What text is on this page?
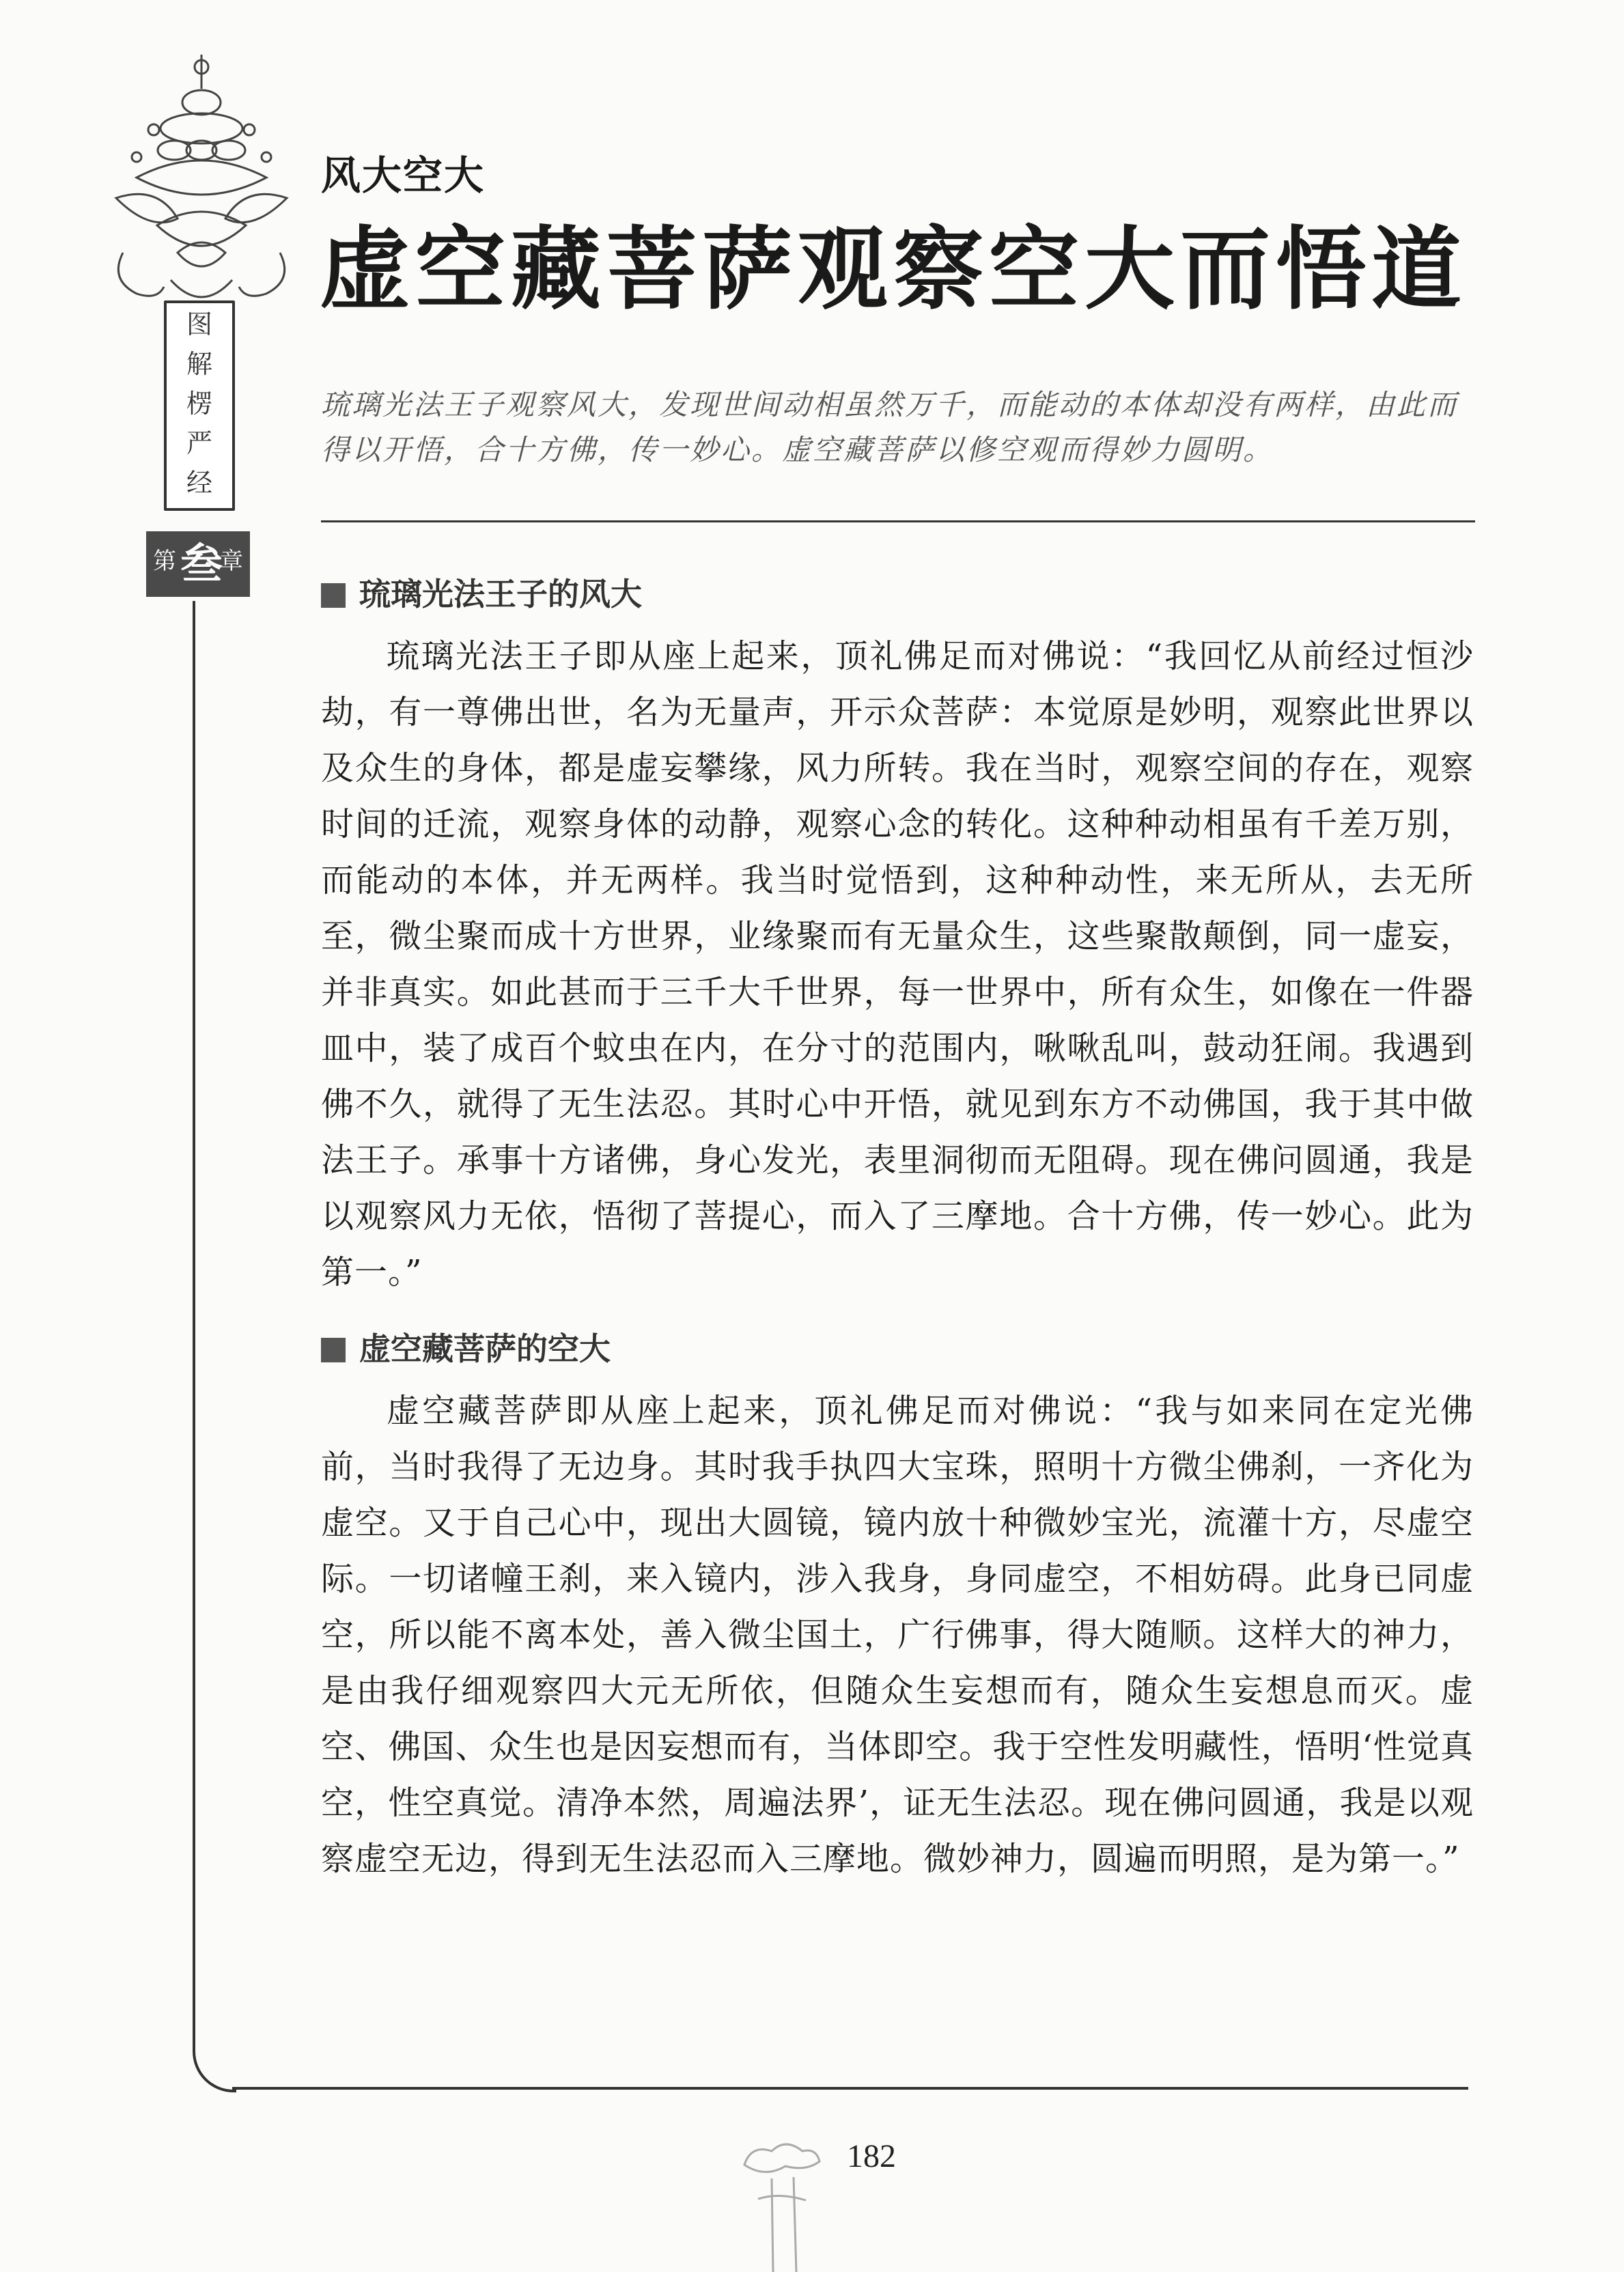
图
解
楞
严
经
第 叁
章
风大空大
虚空藏菩萨观察空大而悟道
琉璃光法王子观察风大，发现世间动相虽然万千，而能动的本体却没有两样，由此而得以开悟，合十方佛，传一妙心。虚空藏菩萨以修空观而得妙力圆明。
琉璃光法王子的风大
琉璃光法王子即从座上起来，顶礼佛足而对佛说：“我回忆从前经过恒沙劫，有一尊佛出世，名为无量声，开示众菩萨：本觉原是妙明，观察此世界以及众生的身体，都是虚妄攀缘，风力所转。我在当时，观察空间的存在，观察时间的迁流，观察身体的动静，观察心念的转化。这种种动相虽有千差万别，而能动的本体，并无两样。我当时觉悟到，这种种动性，来无所从，去无所至，微尘聚而成十方世界，业缘聚而有无量众生，这些聚散颠倒，同一虚妄，并非真实。如此甚而于三千大千世界，每一世界中，所有众生，如像在一件器皿中，装了成百个蚊虫在内，在分寸的范围内，啾啾乱叫，鼓动狂闹。我遇到佛不久，就得了无生法忍。其时心中开悟，就见到东方不动佛国，我于其中做法王子。承事十方诸佛，身心发光，表里洞彻而无阻碍。现在佛问圆通，我是以观察风力无依，悟彻了菩提心，而入了三摩地。合十方佛，传一妙心。此为第一。”
虚空藏菩萨的空大
虚空藏菩萨即从座上起来，顶礼佛足而对佛说：“我与如来同在定光佛前，当时我得了无边身。其时我手执四大宝珠，照明十方微尘佛刹，一齐化为虚空。又于自己心中，现出大圆镜，镜内放十种微妙宝光，流灌十方，尽虚空际。一切诸幢王刹，来入镜内，涉入我身，身同虚空，不相妨碍。此身已同虚空，所以能不离本处，善入微尘国土，广行佛事，得大随顺。这样大的神力，是由我仔细观察四大元无所依，但随众生妄想而有，随众生妄想息而灭。虚空、佛国、众生也是因妄想而有，当体即空。我于空性发明藏性，悟明‘性觉真空，性空真觉。清净本然，周遍法界’，证无生法忍。现在佛问圆通，我是以观察虚空无边，得到无生法忍而入三摩地。微妙神力，圆遍而明照，是为第一。”
182
